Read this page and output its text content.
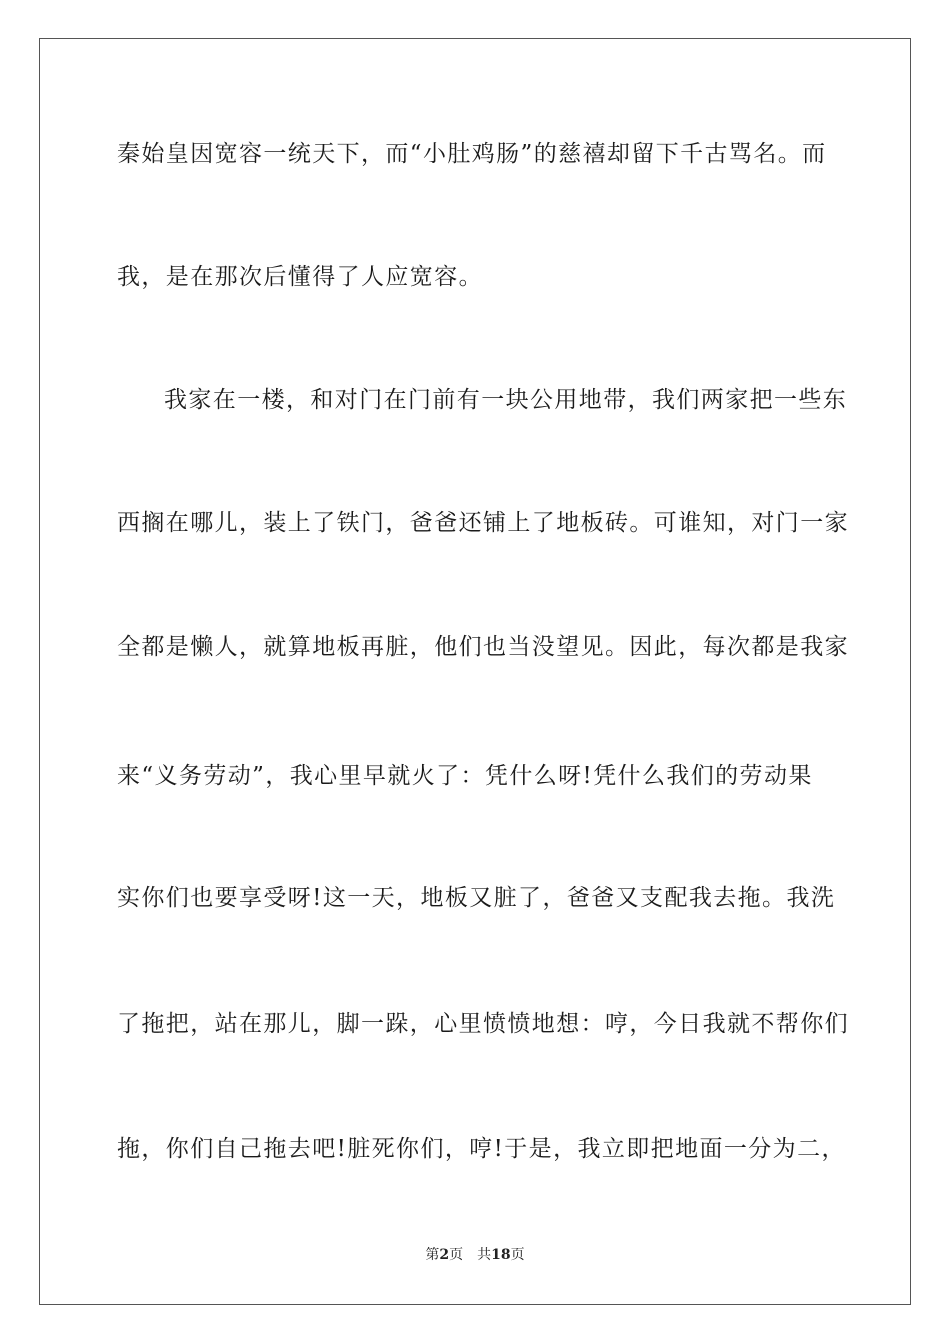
秦始皇因宽容一统天下，而“小肚鸡肠”的慈禧却留下千古骂名。而
我，是在那次后懂得了人应宽容。
我家在一楼，和对门在门前有一块公用地带，我们两家把一些东
西搁在哪儿，装上了铁门，爸爸还铺上了地板砖。可谁知，对门一家
全都是懒人，就算地板再脏，他们也当没望见。因此，每次都是我家
来“义务劳动”，我心里早就火了：凭什么呀!凭什么我们的劳动果
实你们也要享受呀!这一天，地板又脏了，爸爸又支配我去拖。我洗
了拖把，站在那儿，脚一跺，心里愤愤地想：哼，今日我就不帮你们
拖，你们自己拖去吧!脏死你们，哼!于是，我立即把地面一分为二，
第2页 共18页
